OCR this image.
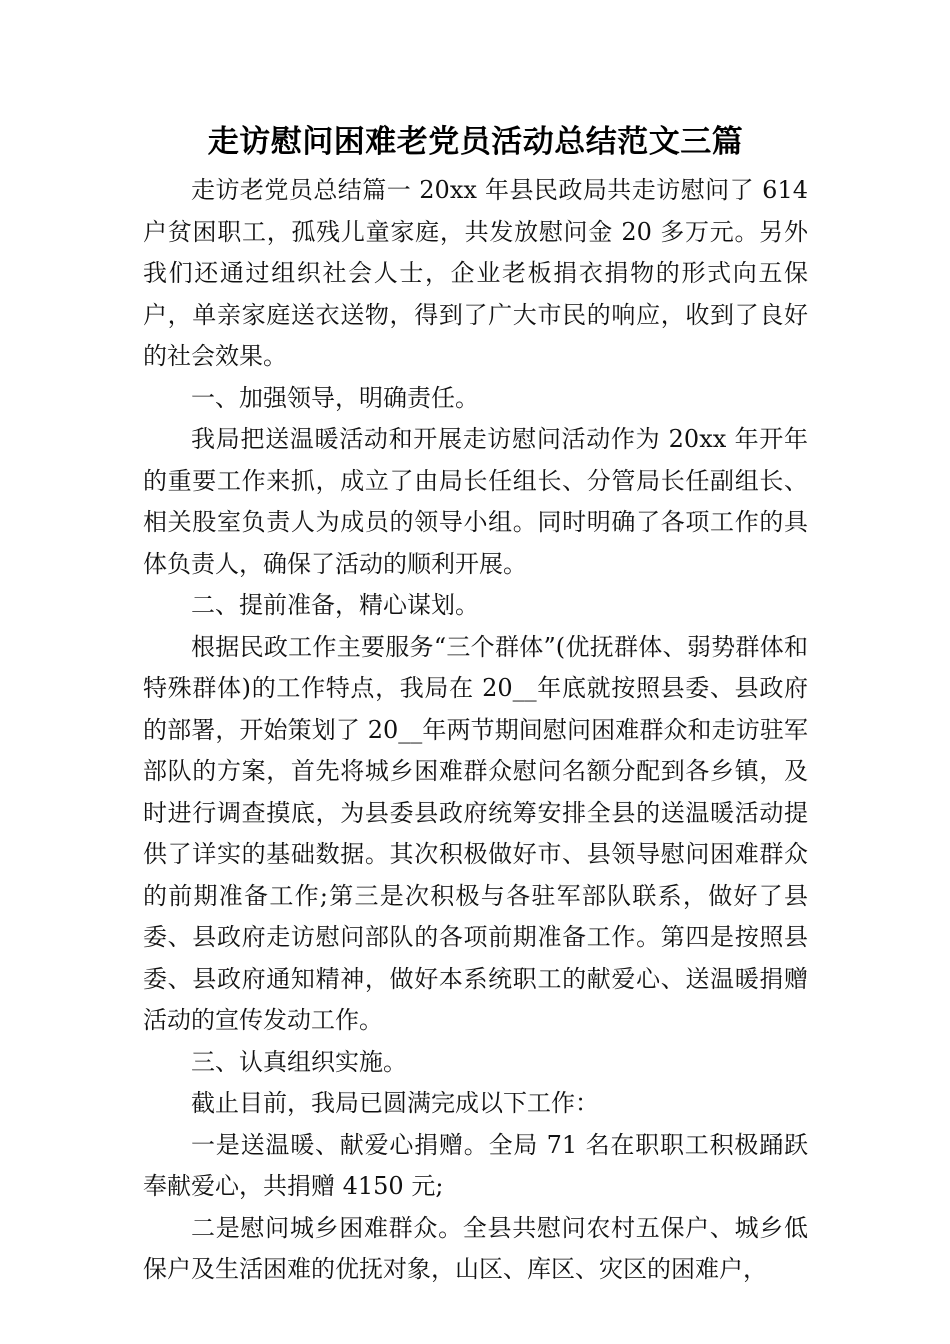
走访慰问困难老党员活动总结范文三篇

走访老党员总结篇一 20xx 年县民政局共走访慰问了 614 户贫困职工，孤残儿童家庭，共发放慰问金 20 多万元。另外我们还通过组织社会人士，企业老板捐衣捐物的形式向五保户，单亲家庭送衣送物，得到了广大市民的响应，收到了良好的社会效果。

一、加强领导，明确责任。

我局把送温暖活动和开展走访慰问活动作为 20xx 年开年的重要工作来抓，成立了由局长任组长、分管局长任副组长、相关股室负责人为成员的领导小组。同时明确了各项工作的具体负责人，确保了活动的顺利开展。

二、提前准备，精心谋划。

根据民政工作主要服务“三个群体”(优抚群体、弱势群体和特殊群体)的工作特点，我局在 20__年底就按照县委、县政府的部署，开始策划了 20__年两节期间慰问困难群众和走访驻军部队的方案，首先将城乡困难群众慰问名额分配到各乡镇，及时进行调查摸底，为县委县政府统筹安排全县的送温暖活动提供了详实的基础数据。其次积极做好市、县领导慰问困难群众的前期准备工作;第三是次积极与各驻军部队联系，做好了县委、县政府走访慰问部队的各项前期准备工作。第四是按照县委、县政府通知精神，做好本系统职工的献爱心、送温暖捐赠活动的宣传发动工作。

三、认真组织实施。

截止目前，我局已圆满完成以下工作：

一是送温暖、献爱心捐赠。全局 71 名在职职工积极踊跃奉献爱心，共捐赠 4150 元;

二是慰问城乡困难群众。全县共慰问农村五保户、城乡低保户及生活困难的优抚对象，山区、库区、灾区的困难户，
